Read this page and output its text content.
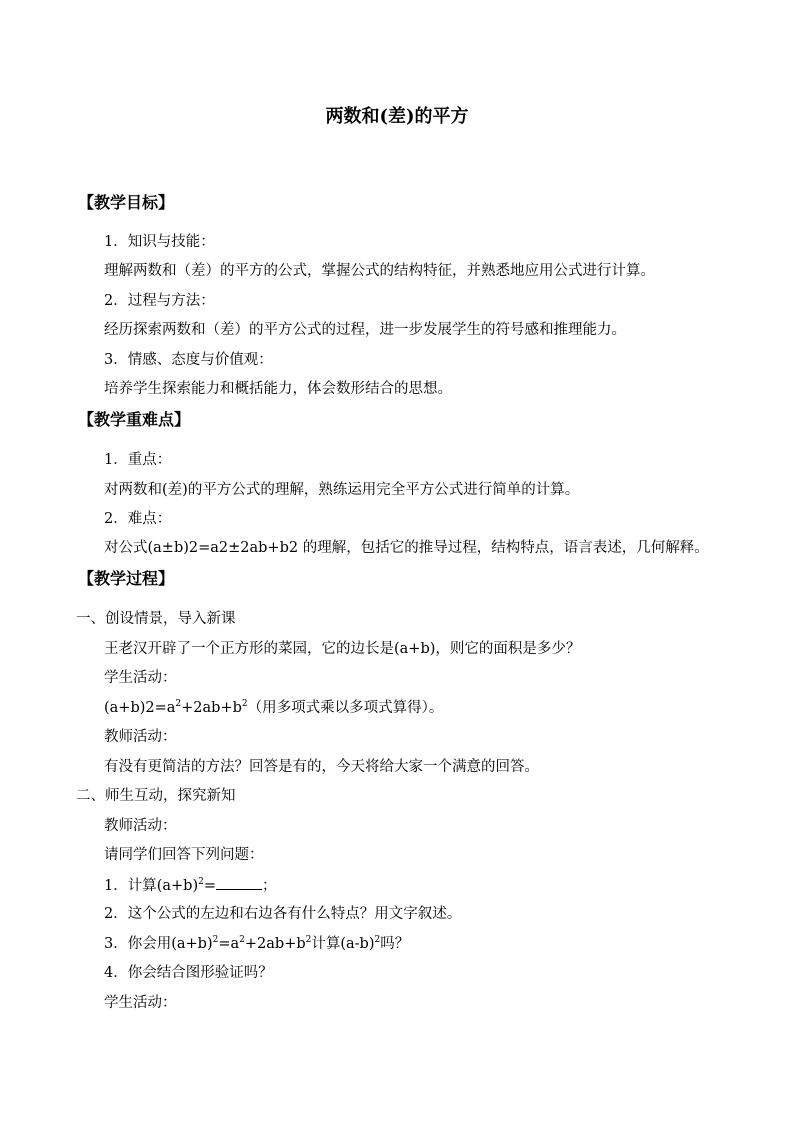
两数和(差)的平方
【教学目标】
1．知识与技能：
理解两数和（差）的平方的公式，掌握公式的结构特征，并熟悉地应用公式进行计算。
2．过程与方法：
经历探索两数和（差）的平方公式的过程，进一步发展学生的符号感和推理能力。
3．情感、态度与价值观：
培养学生探索能力和概括能力，体会数形结合的思想。
【教学重难点】
1．重点：
对两数和(差)的平方公式的理解，熟练运用完全平方公式进行简单的计算。
2．难点：
对公式(a±b)2=a2±2ab+b2 的理解，包括它的推导过程，结构特点，语言表述，几何解释。
【教学过程】
一、创设情景，导入新课
王老汉开辟了一个正方形的菜园，它的边长是(a+b)，则它的面积是多少？
学生活动：
$(a+b)2=a^2+2ab+b^2$（用多项式乘以多项式算得）。
教师活动：
有没有更简洁的方法？回答是有的，今天将给大家一个满意的回答。
二、师生互动，探究新知
教师活动：
请同学们回答下列问题：
1．计算$(a+b)^2=$	；
2．这个公式的左边和右边各有什么特点？用文字叙述。
3．你会用$(a+b)^2=a^2+2ab+b^2$计算$(a-b)^2$吗？
4．你会结合图形验证吗？
学生活动：
